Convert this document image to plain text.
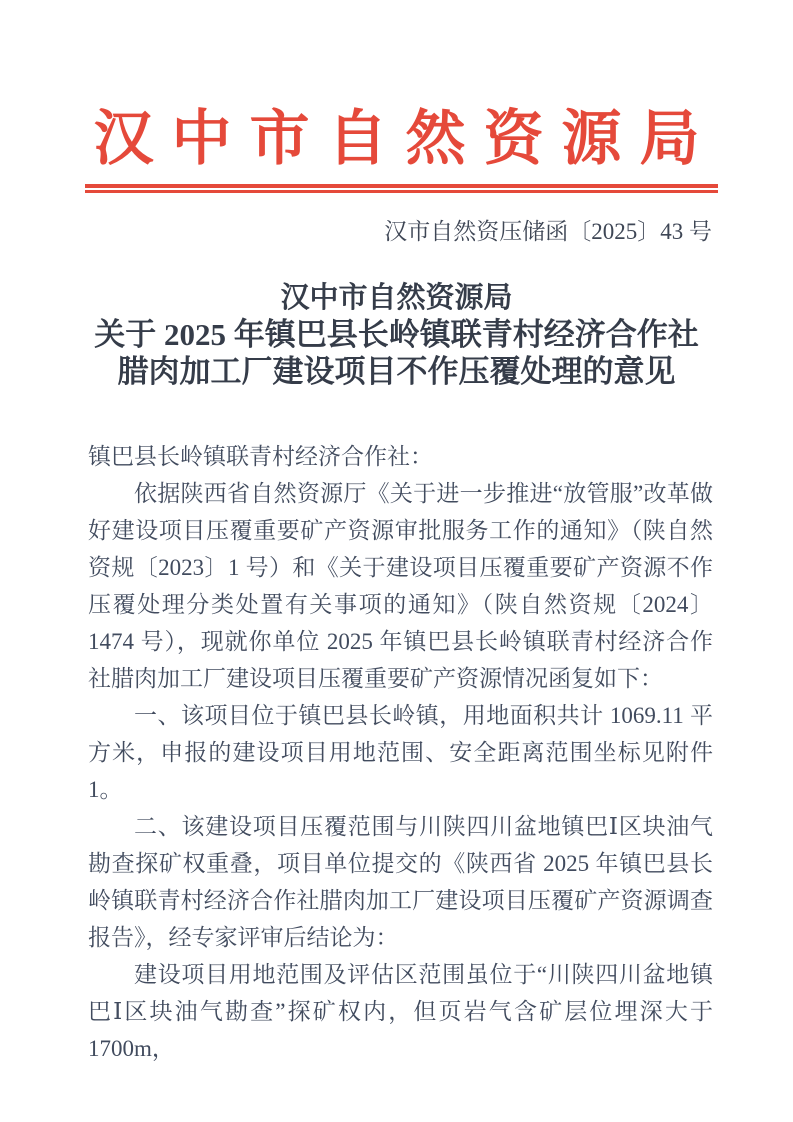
汉中市自然资源局
汉市自然资压储函〔2025〕43 号
汉中市自然资源局
关于 2025 年镇巴县长岭镇联青村经济合作社
腊肉加工厂建设项目不作压覆处理的意见

镇巴县长岭镇联青村经济合作社：

依据陕西省自然资源厅《关于进一步推进“放管服”改革做好建设项目压覆重要矿产资源审批服务工作的通知》（陕自然资规〔2023〕1 号）和《关于建设项目压覆重要矿产资源不作压覆处理分类处置有关事项的通知》（陕自然资规〔2024〕1474 号），现就你单位 2025 年镇巴县长岭镇联青村经济合作社腊肉加工厂建设项目压覆重要矿产资源情况函复如下：

一、该项目位于镇巴县长岭镇，用地面积共计 1069.11 平方米，申报的建设项目用地范围、安全距离范围坐标见附件 1。

二、该建设项目压覆范围与川陕四川盆地镇巴Ⅰ区块油气勘查探矿权重叠，项目单位提交的《陕西省 2025 年镇巴县长岭镇联青村经济合作社腊肉加工厂建设项目压覆矿产资源调查报告》，经专家评审后结论为：

建设项目用地范围及评估区范围虽位于“川陕四川盆地镇巴Ⅰ区块油气勘查”探矿权内，但页岩气含矿层位埋深大于 1700m，
